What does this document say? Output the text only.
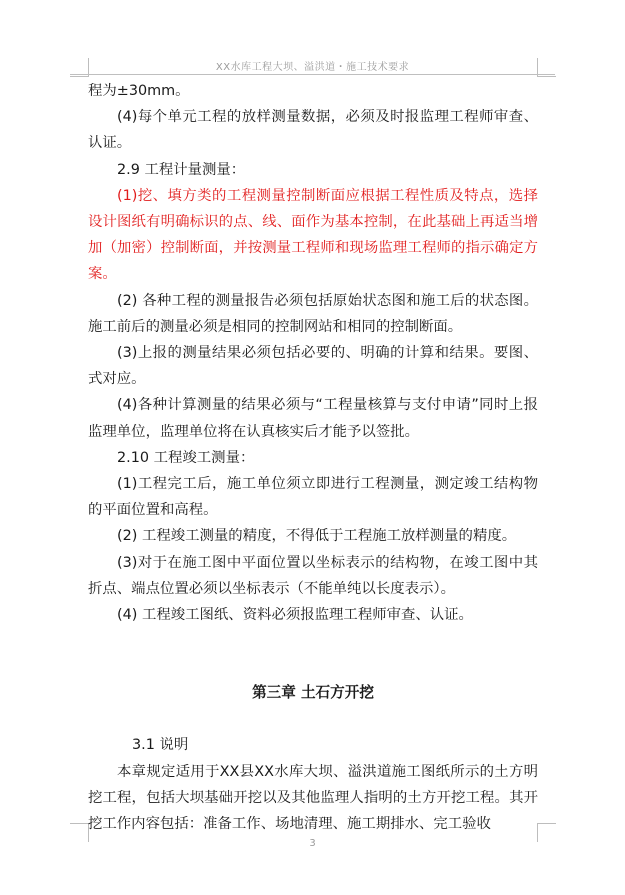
XX水库工程大坝、溢洪道・施工技术要求

程为±30mm。

(4)每个单元工程的放样测量数据，必须及时报监理工程师审查、认证。

2.9 工程计量测量：

(1)挖、填方类的工程测量控制断面应根据工程性质及特点，选择设计图纸有明确标识的点、线、面作为基本控制，在此基础上再适当增加（加密）控制断面，并按测量工程师和现场监理工程师的指示确定方案。

(2) 各种工程的测量报告必须包括原始状态图和施工后的状态图。施工前后的测量必须是相同的控制网站和相同的控制断面。

(3)上报的测量结果必须包括必要的、明确的计算和结果。要图、式对应。

(4)各种计算测量的结果必须与“工程量核算与支付申请”同时上报监理单位，监理单位将在认真核实后才能予以签批。

2.10 工程竣工测量：

(1)工程完工后，施工单位须立即进行工程测量，测定竣工结构物的平面位置和高程。

(2) 工程竣工测量的精度，不得低于工程施工放样测量的精度。

(3)对于在施工图中平面位置以坐标表示的结构物，在竣工图中其折点、端点位置必须以坐标表示（不能单纯以长度表示）。

(4) 工程竣工图纸、资料必须报监理工程师审查、认证。

第三章 土石方开挖

3.1 说明

本章规定适用于XX县XX水库大坝、溢洪道施工图纸所示的土方明挖工程，包括大坝基础开挖以及其他监理人指明的土方开挖工程。其开挖工作内容包括：准备工作、场地清理、施工期排水、完工验收

3
